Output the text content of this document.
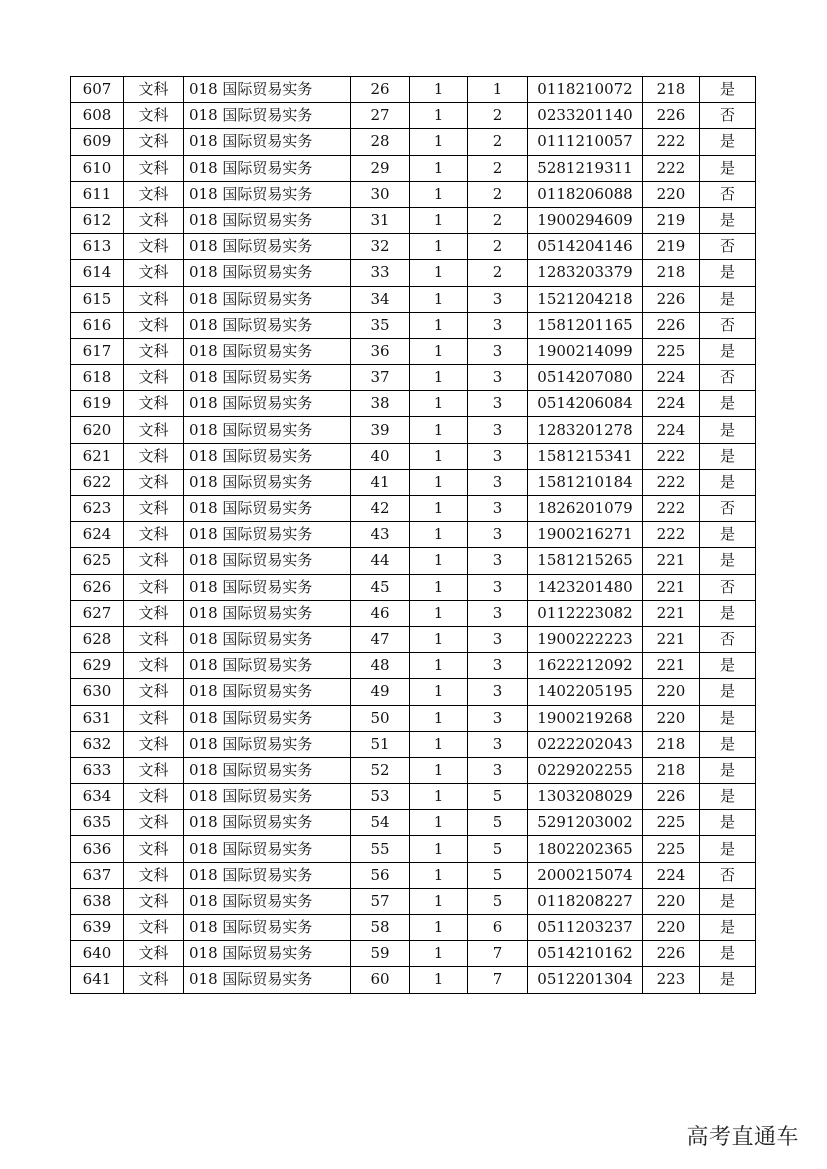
607	文科	018 国际贸易实务	26	1	1	0118210072	218	是
608	文科	018 国际贸易实务	27	1	2	0233201140	226	否
609	文科	018 国际贸易实务	28	1	2	0111210057	222	是
610	文科	018 国际贸易实务	29	1	2	5281219311	222	是
611	文科	018 国际贸易实务	30	1	2	0118206088	220	否
612	文科	018 国际贸易实务	31	1	2	1900294609	219	是
613	文科	018 国际贸易实务	32	1	2	0514204146	219	否
614	文科	018 国际贸易实务	33	1	2	1283203379	218	是
615	文科	018 国际贸易实务	34	1	3	1521204218	226	是
616	文科	018 国际贸易实务	35	1	3	1581201165	226	否
617	文科	018 国际贸易实务	36	1	3	1900214099	225	是
618	文科	018 国际贸易实务	37	1	3	0514207080	224	否
619	文科	018 国际贸易实务	38	1	3	0514206084	224	是
620	文科	018 国际贸易实务	39	1	3	1283201278	224	是
621	文科	018 国际贸易实务	40	1	3	1581215341	222	是
622	文科	018 国际贸易实务	41	1	3	1581210184	222	是
623	文科	018 国际贸易实务	42	1	3	1826201079	222	否
624	文科	018 国际贸易实务	43	1	3	1900216271	222	是
625	文科	018 国际贸易实务	44	1	3	1581215265	221	是
626	文科	018 国际贸易实务	45	1	3	1423201480	221	否
627	文科	018 国际贸易实务	46	1	3	0112223082	221	是
628	文科	018 国际贸易实务	47	1	3	1900222223	221	否
629	文科	018 国际贸易实务	48	1	3	1622212092	221	是
630	文科	018 国际贸易实务	49	1	3	1402205195	220	是
631	文科	018 国际贸易实务	50	1	3	1900219268	220	是
632	文科	018 国际贸易实务	51	1	3	0222202043	218	是
633	文科	018 国际贸易实务	52	1	3	0229202255	218	是
634	文科	018 国际贸易实务	53	1	5	1303208029	226	是
635	文科	018 国际贸易实务	54	1	5	5291203002	225	是
636	文科	018 国际贸易实务	55	1	5	1802202365	225	是
637	文科	018 国际贸易实务	56	1	5	2000215074	224	否
638	文科	018 国际贸易实务	57	1	5	0118208227	220	是
639	文科	018 国际贸易实务	58	1	6	0511203237	220	是
640	文科	018 国际贸易实务	59	1	7	0514210162	226	是
641	文科	018 国际贸易实务	60	1	7	0512201304	223	是
高考直通车
